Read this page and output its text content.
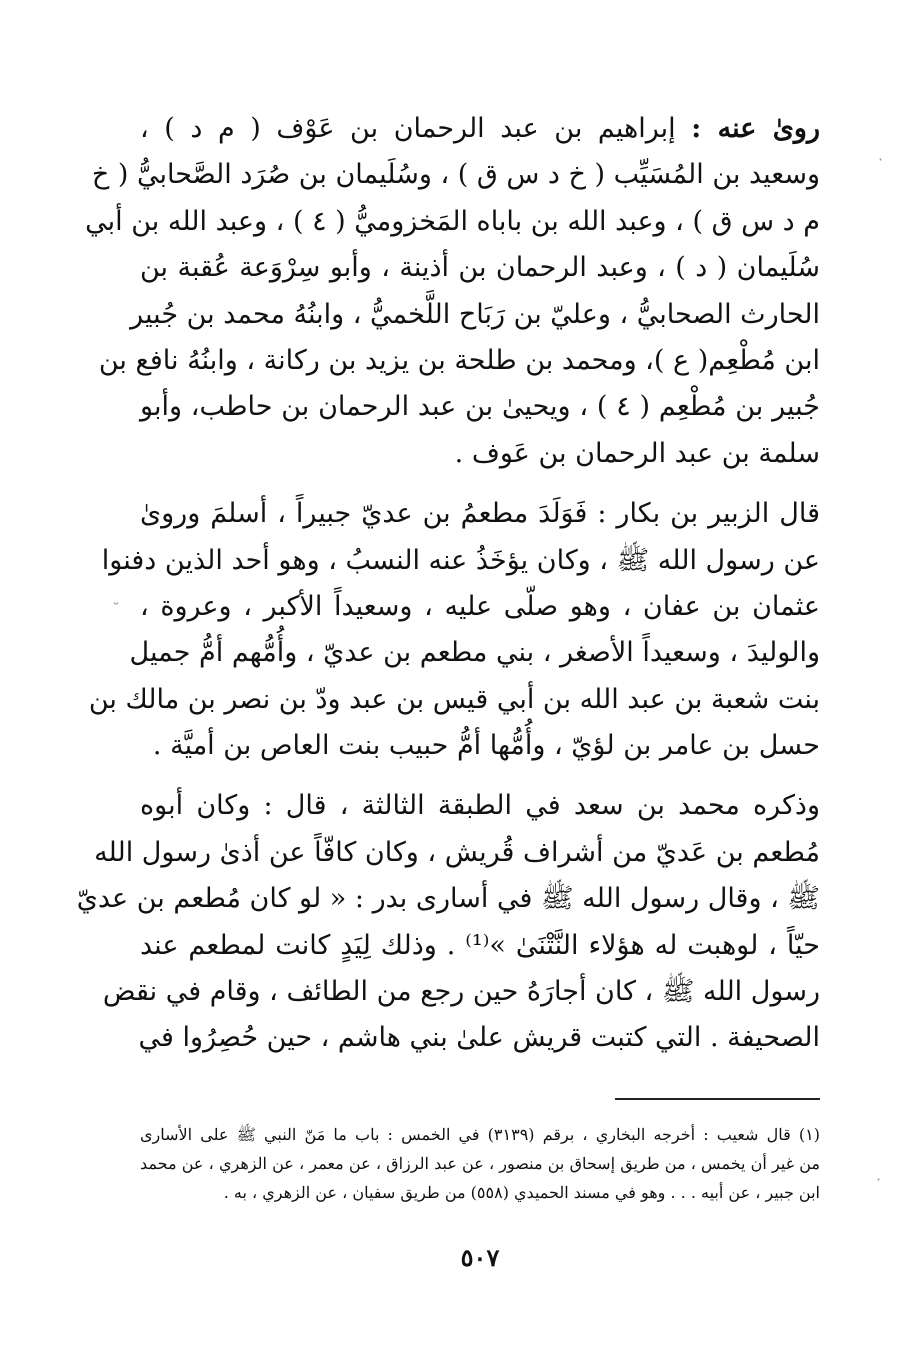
روىٰ عنه : إبراهيم بن عبد الرحمان بن عَوْف ( م د ) ،
وسعيد بن المُسَيِّب ( خ د س ق ) ، وسُلَيمان بن صُرَد الصَّحابيُّ ( خ
م د س ق ) ، وعبد الله بن باباه المَخزوميُّ ( ٤ ) ، وعبد الله بن أبي
سُلَيمان ( د ) ، وعبد الرحمان بن أذينة ، وأبو سِرْوَعة عُقبة بن
الحارث الصحابيُّ ، وعليّ بن رَبَاح اللَّخميُّ ، وابنُهُ محمد بن جُبير
ابن مُطْعِم( ع )، ومحمد بن طلحة بن يزيد بن ركانة ، وابنُهُ نافع بن
جُبير بن مُطْعِم ( ٤ ) ، ويحيىٰ بن عبد الرحمان بن حاطب، وأبو
سلمة بن عبد الرحمان بن عَوف .
قال الزبير بن بكار : فَوَلَدَ مطعمُ بن عديّ جبيراً ، أسلمَ وروىٰ
عن رسول الله ﷺ ، وكان يؤخَذُ عنه النسبُ ، وهو أحد الذين دفنوا
عثمان بن عفان ، وهو صلّى عليه ، وسعيداً الأكبر ، وعروة ،
والوليدَ ، وسعيداً الأصغر ، بني مطعم بن عديّ ، وأُمُّهم أمُّ جميل
بنت شعبة بن عبد الله بن أبي قيس بن عبد ودّ بن نصر بن مالك بن
حسل بن عامر بن لؤيّ ، وأُمُّها أمُّ حبيب بنت العاص بن أميَّة .
وذكره محمد بن سعد في الطبقة الثالثة ، قال : وكان أبوه
مُطعم بن عَديّ من أشراف قُريش ، وكان كافّاً عن أذىٰ رسول الله
ﷺ ، وقال رسول الله ﷺ في أسارى بدر : « لو كان مُطعم بن عديّ
حيّاً ، لوهبت له هؤلاء النَّتْنَىٰ »⁽¹⁾ . وذلك لِيَدٍ كانت لمطعم عند
رسول الله ﷺ ، كان أجارَهُ حين رجع من الطائف ، وقام في نقض
الصحيفة . التي كتبت قريش علىٰ بني هاشم ، حين حُصِرُوا في
(١) قال شعيب : أخرجه البخاري ، برقم (٣١٣٩) في الخمس : باب ما مَنّ النبي ﷺ على الأسارى
من غير أن يخمس ، من طريق إسحاق بن منصور ، عن عبد الرزاق ، عن معمر ، عن الزهري ، عن محمد
ابن جبير ، عن أبيه . . . وهو في مسند الحميدي (٥٥٨) من طريق سفيان ، عن الزهري ، به .
٥٠٧
˘
·
·
